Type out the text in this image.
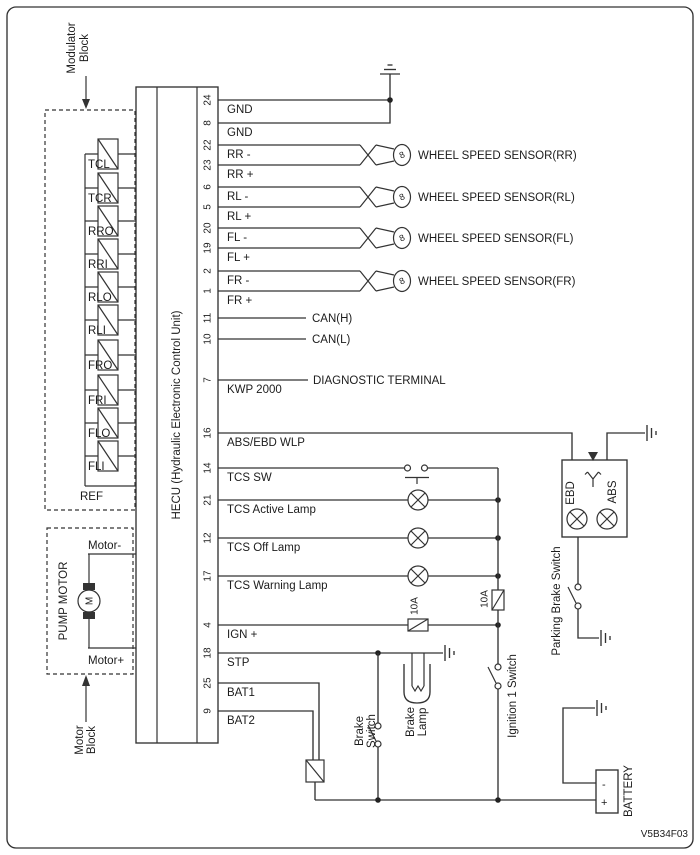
HECU (Hydraulic Electronic Control Unit)
Modulator Block
TCL
TCR
RRO
RRI
RLO
RLI
FRO
FRI
FLO
FLI
REF
PUMP MOTOR
Motor-
M
Motor+
Motor Block
24
8
22
23
6
5
20
19
2
1
11
10
7
16
14
21
12
17
4
18
25
9
GND
GND
RR -
RR +
RL -
RL +
FL -
FL +
FR -
FR +
KWP 2000
ABS/EBD WLP
TCS SW
TCS Active Lamp
TCS Off Lamp
TCS Warning Lamp
IGN +
STP
BAT1
BAT2
8 WHEEL SPEED SENSOR(RR)
8 WHEEL SPEED SENSOR(RL)
8 WHEEL SPEED SENSOR(FL)
8 WHEEL SPEED SENSOR(FR)
CAN(H)
CAN(L)
DIAGNOSTIC TERMINAL
EBD	ABS
Parking Brake Switch
10A	10A
Ignition 1 Switch
Brake Lamp
Brake Switch
-
+ BATTERY
V5B34F03
